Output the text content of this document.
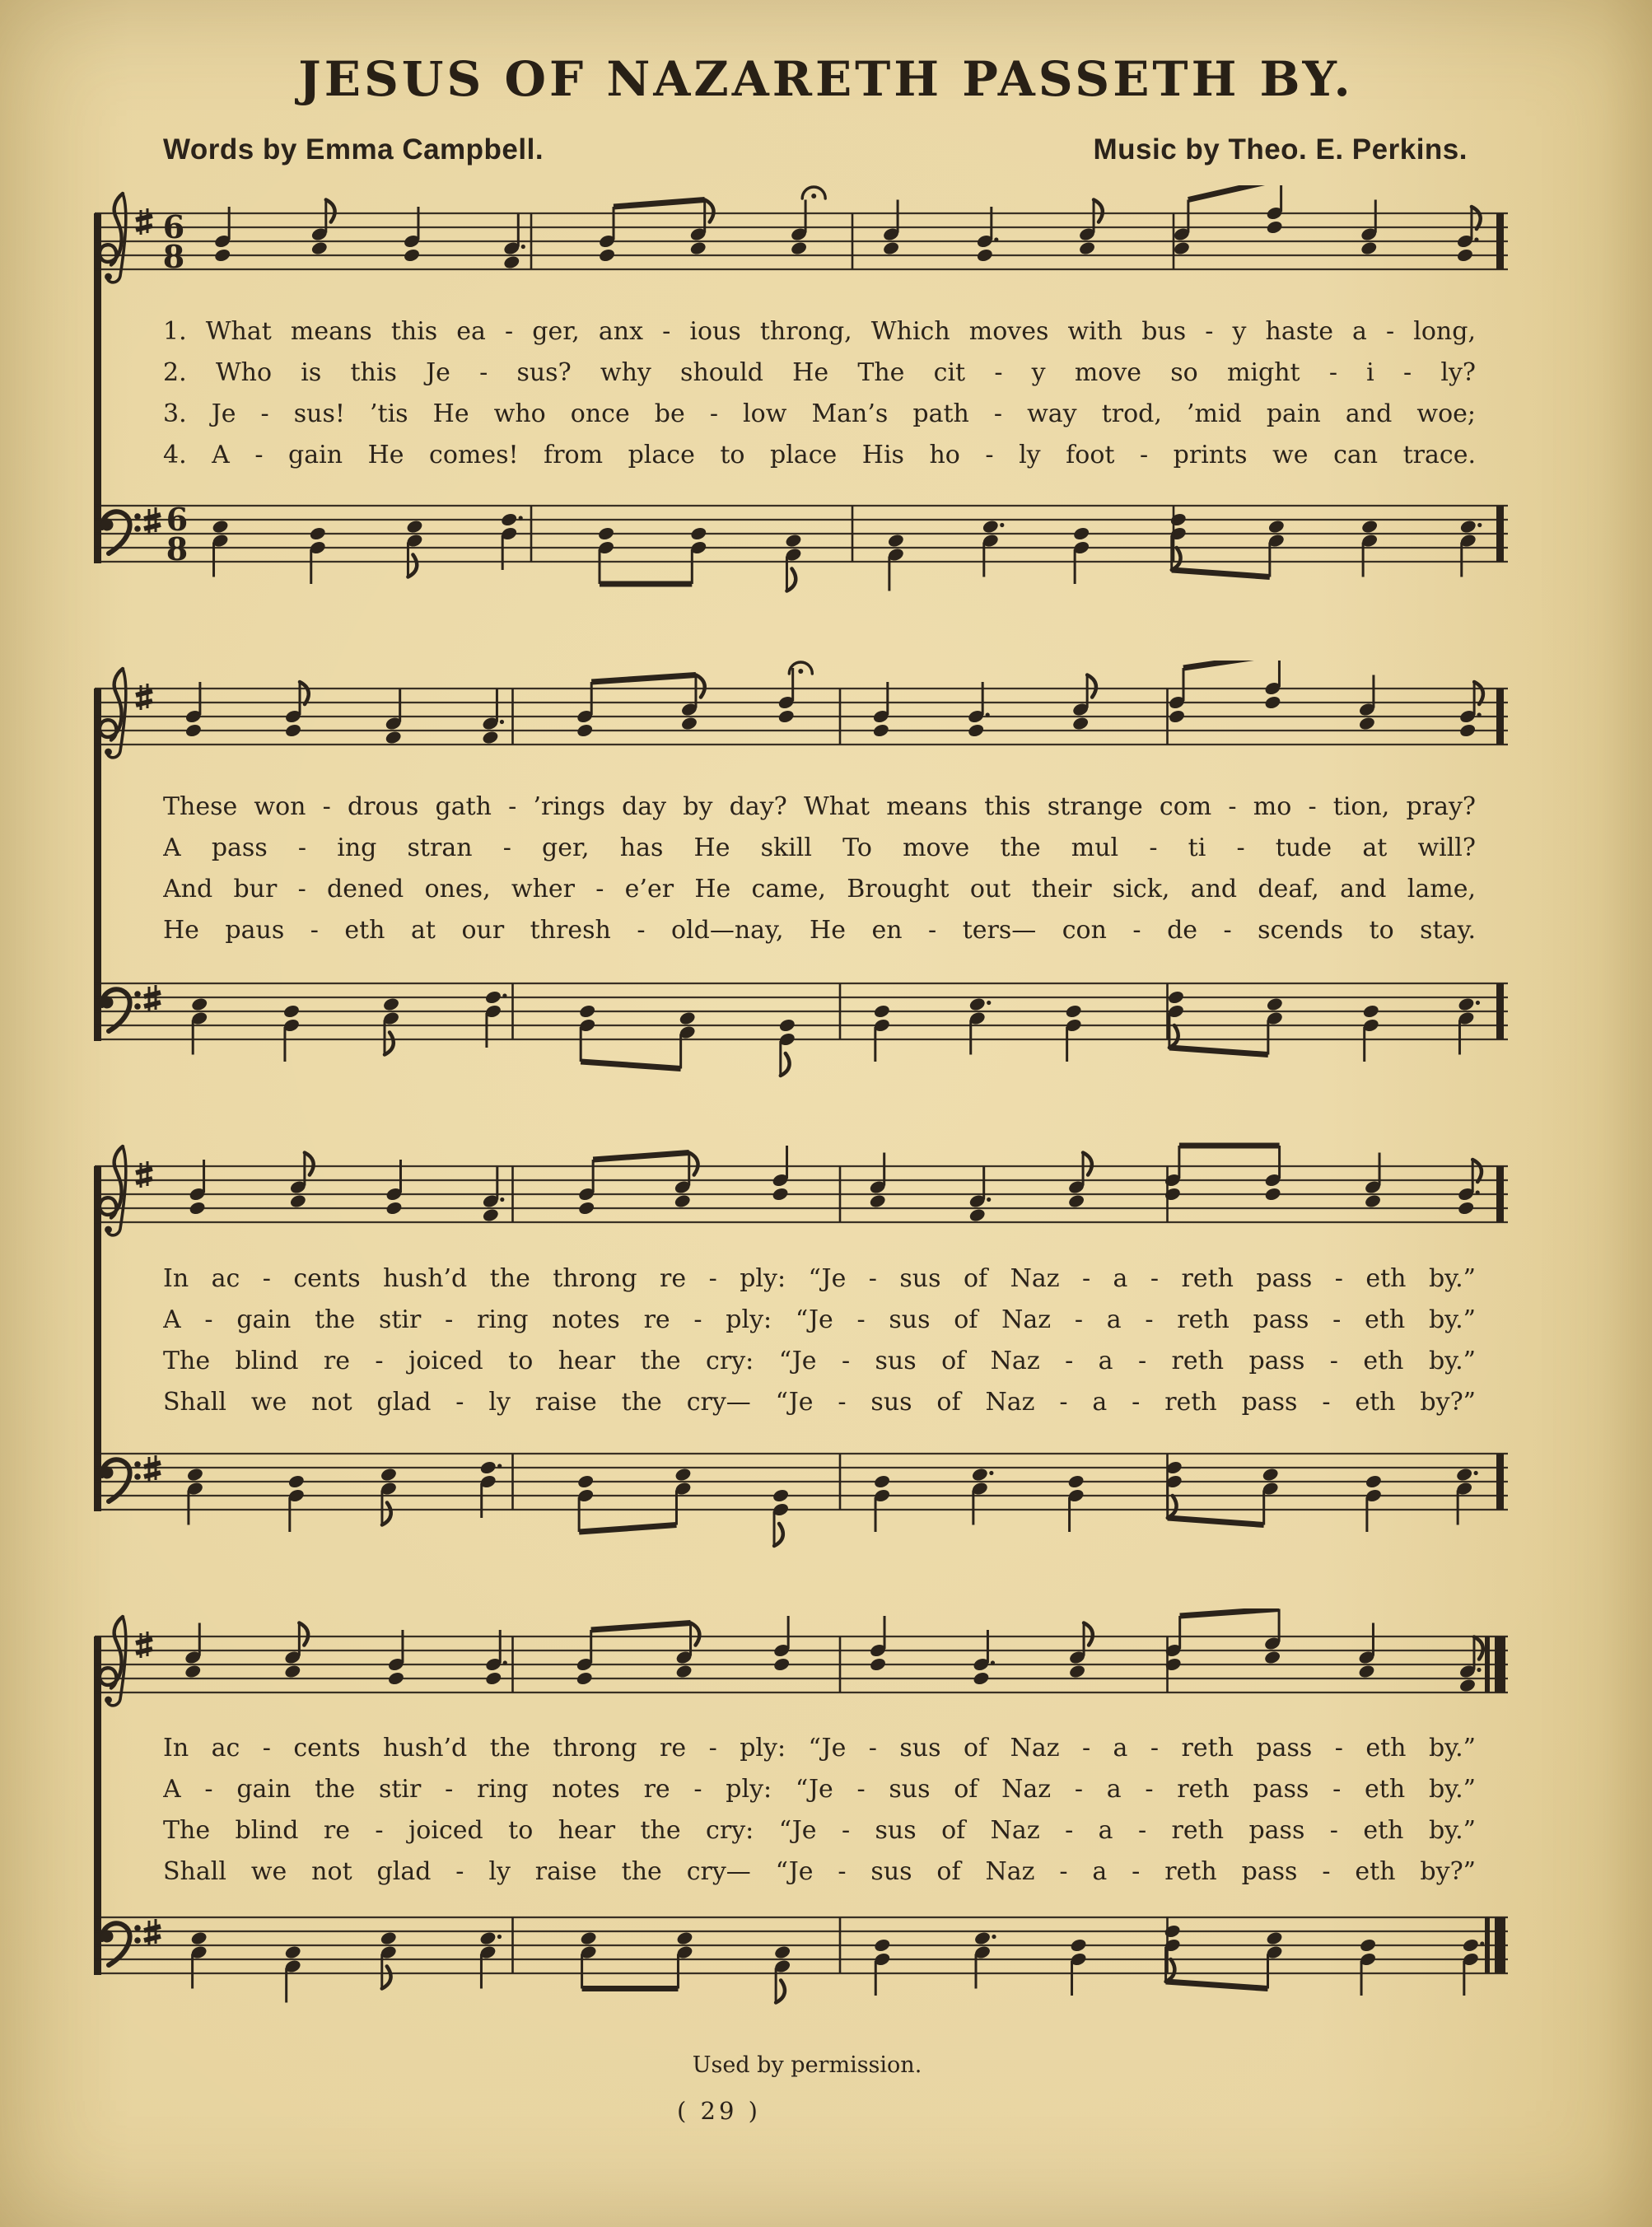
JESUS OF NAZARETH PASSETH BY.
Words by Emma Campbell.	Music by Theo. E. Perkins.
6
8
1. What means this ea - ger, anx - ious throng, Which moves with bus - y haste a - long,
2. Who is this Je - sus? why should He The cit - y move so might - i - ly?
3. Je - sus! ’tis He who once be - low Man’s path - way trod, ’mid pain and woe;
4. A - gain He comes! from place to place His ho - ly foot - prints we can trace.
6
8
These won - drous gath - ’rings day by day? What means this strange com - mo - tion, pray?
A pass - ing stran - ger, has He skill To move the mul - ti - tude at will?
And bur - dened ones, wher - e’er He came, Brought out their sick, and deaf, and lame,
He paus - eth at our thresh - old—nay, He en - ters— con - de - scends to stay.
In ac - cents hush’d the throng re - ply: “Je - sus of Naz - a - reth pass - eth by.”
A - gain the stir - ring notes re - ply: “Je - sus of Naz - a - reth pass - eth by.”
The blind re - joiced to hear the cry: “Je - sus of Naz - a - reth pass - eth by.”
Shall we not glad - ly raise the cry— “Je - sus of Naz - a - reth pass - eth by?”
In ac - cents hush’d the throng re - ply: “Je - sus of Naz - a - reth pass - eth by.”
A - gain the stir - ring notes re - ply: “Je - sus of Naz - a - reth pass - eth by.”
The blind re - joiced to hear the cry: “Je - sus of Naz - a - reth pass - eth by.”
Shall we not glad - ly raise the cry— “Je - sus of Naz - a - reth pass - eth by?”
Used by permission.
( 29 )
